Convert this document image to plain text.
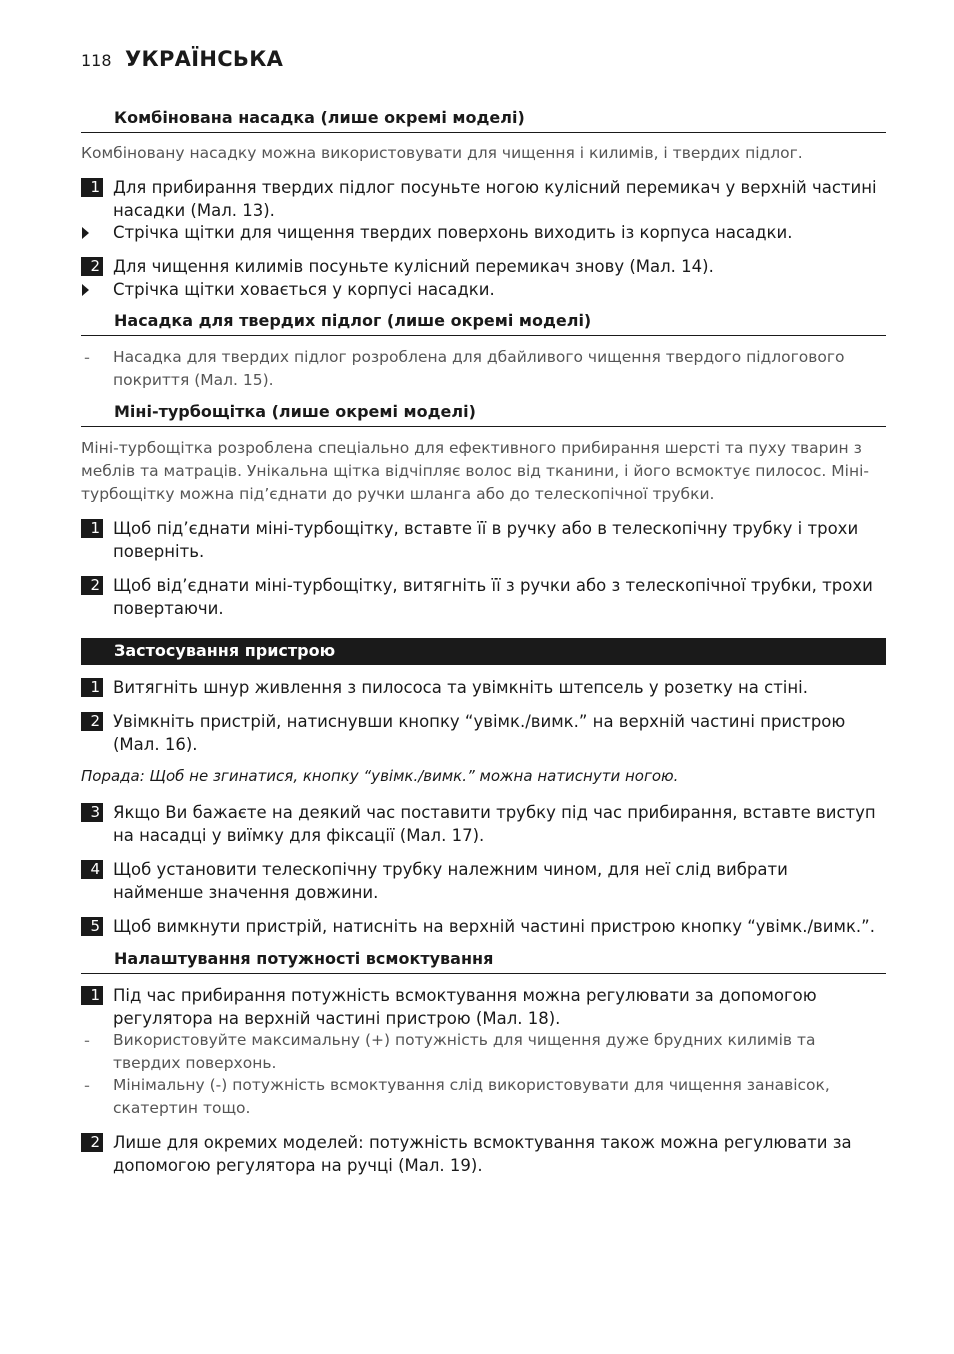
118 УКРАЇНСЬКА
Комбінована насадка (лише окремі моделі)
Комбіновану насадку можна використовувати для чищення і килимів, і твердих підлог.
1 Для прибирання твердих підлог посуньте ногою кулісний перемикач у верхній частині насадки (Мал. 13).
Стрічка щітки для чищення твердих поверхонь виходить із корпуса насадки.
2 Для чищення килимів посуньте кулісний перемикач знову (Мал. 14).
Стрічка щітки ховається у корпусі насадки.
Насадка для твердих підлог (лише окремі моделі)
- Насадка для твердих підлог розроблена для дбайливого чищення твердого підлогового покриття (Мал. 15).
Міні-турбощітка (лише окремі моделі)
Міні-турбощітка розроблена спеціально для ефективного прибирання шерсті та пуху тварин з меблів та матраців. Унікальна щітка відчіпляє волос від тканини, і його всмоктує пилосос. Міні-турбощітку можна під’єднати до ручки шланга або до телескопічної трубки.
1 Щоб під’єднати міні-турбощітку, вставте її в ручку або в телескопічну трубку і трохи поверніть.
2 Щоб від’єднати міні-турбощітку, витягніть її з ручки або з телескопічної трубки, трохи повертаючи.
Застосування пристрою
1 Витягніть шнур живлення з пилососа та увімкніть штепсель у розетку на стіні.
2 Увімкніть пристрій, натиснувши кнопку “увімк./вимк.” на верхній частині пристрою (Мал. 16).
Порада: Щоб не згинатися, кнопку “увімк./вимк.” можна натиснути ногою.
3 Якщо Ви бажаєте на деякий час поставити трубку під час прибирання, вставте виступ на насадці у виїмку для фіксації (Мал. 17).
4 Щоб установити телескопічну трубку належним чином, для неї слід вибрати найменше значення довжини.
5 Щоб вимкнути пристрій, натисніть на верхній частині пристрою кнопку “увімк./вимк.”.
Налаштування потужності всмоктування
1 Під час прибирання потужність всмоктування можна регулювати за допомогою регулятора на верхній частині пристрою (Мал. 18).
- Використовуйте максимальну (+) потужність для чищення дуже брудних килимів та твердих поверхонь.
- Мінімальну (-) потужність всмоктування слід використовувати для чищення занавісок, скатертин тощо.
2 Лише для окремих моделей: потужність всмоктування також можна регулювати за допомогою регулятора на ручці (Мал. 19).
